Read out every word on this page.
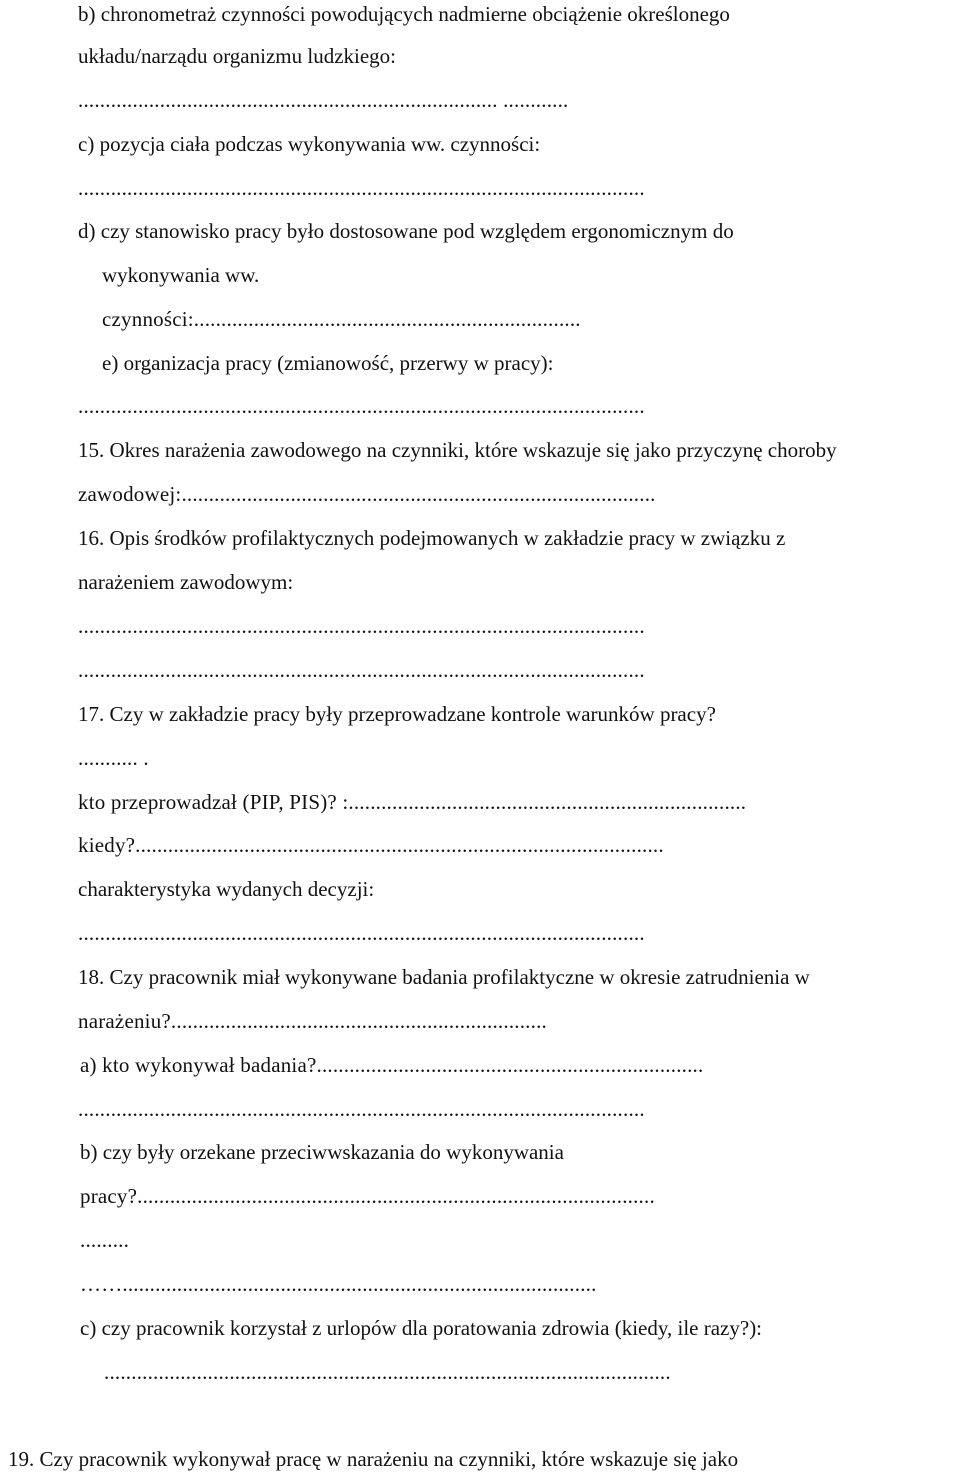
b) chronometraż czynności powodujących nadmierne obciążenie określonego
układu/narządu organizmu ludzkiego:
............................................................................. ............
c) pozycja ciała podczas wykonywania ww. czynności:
........................................................................................................
d) czy stanowisko pracy było dostosowane pod względem ergonomicznym do
wykonywania ww.
czynności:.......................................................................
e) organizacja pracy (zmianowość, przerwy w pracy):
........................................................................................................
15. Okres narażenia zawodowego na czynniki, które wskazuje się jako przyczynę choroby
zawodowej:.......................................................................................
16. Opis środków profilaktycznych podejmowanych w zakładzie pracy w związku z
narażeniem zawodowym:
........................................................................................................
........................................................................................................
17. Czy w zakładzie pracy były przeprowadzane kontrole warunków pracy?
........... .
kto przeprowadzał (PIP, PIS)? :.........................................................................
kiedy?.................................................................................................
charakterystyka wydanych decyzji:
........................................................................................................
18. Czy pracownik miał wykonywane badania profilaktyczne w okresie zatrudnienia w
narażeniu?.....................................................................
a) kto wykonywał badania?.......................................................................
........................................................................................................
b) czy były orzekane przeciwwskazania do wykonywania
pracy?...............................................................................................
.........
…….......................................................................................
c) czy pracownik korzystał z urlopów dla poratowania zdrowia (kiedy, ile razy?):
........................................................................................................
19. Czy pracownik wykonywał pracę w narażeniu na czynniki, które wskazuje się jako
